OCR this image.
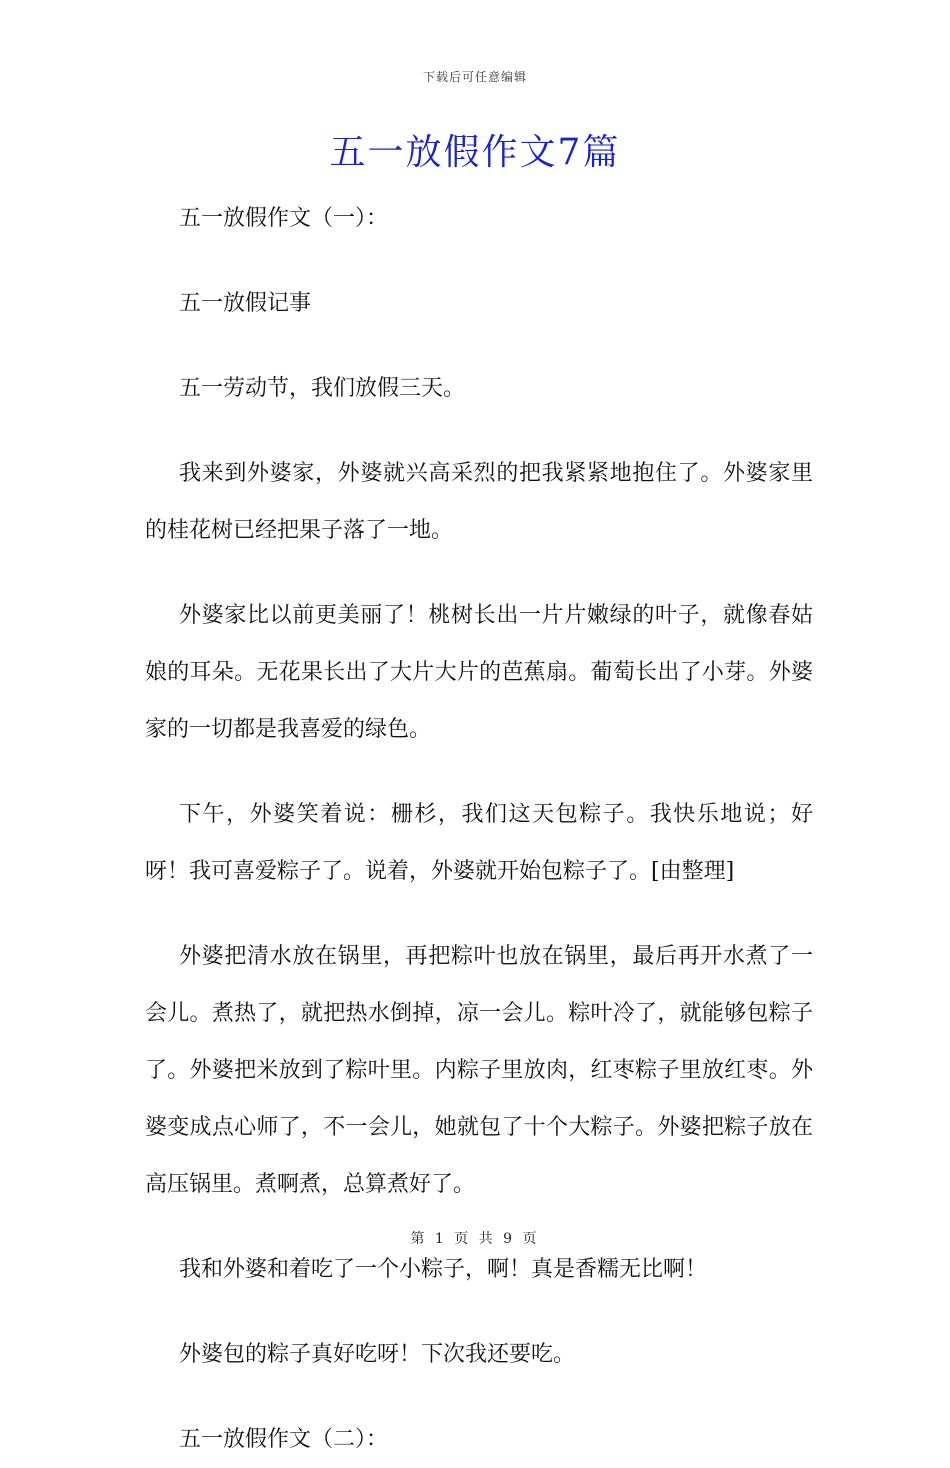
下载后可任意编辑
五一放假作文7篇

五一放假作文（一）：

五一放假记事

五一劳动节，我们放假三天。

我来到外婆家，外婆就兴高采烈的把我紧紧地抱住了。外婆家里的桂花树已经把果子落了一地。

外婆家比以前更美丽了！桃树长出一片片嫩绿的叶子，就像春姑娘的耳朵。无花果长出了大片大片的芭蕉扇。葡萄长出了小芽。外婆家的一切都是我喜爱的绿色。

下午，外婆笑着说：栅杉，我们这天包粽子。我快乐地说；好呀！我可喜爱粽子了。说着，外婆就开始包粽子了。[由整理]

外婆把清水放在锅里，再把粽叶也放在锅里，最后再开水煮了一会儿。煮热了，就把热水倒掉，凉一会儿。粽叶冷了，就能够包粽子了。外婆把米放到了粽叶里。内粽子里放肉，红枣粽子里放红枣。外婆变成点心师了，不一会儿，她就包了十个大粽子。外婆把粽子放在高压锅里。煮啊煮，总算煮好了。

我和外婆和着吃了一个小粽子，啊！真是香糯无比啊！

外婆包的粽子真好吃呀！下次我还要吃。

五一放假作文（二）：

第 1 页 共 9 页
